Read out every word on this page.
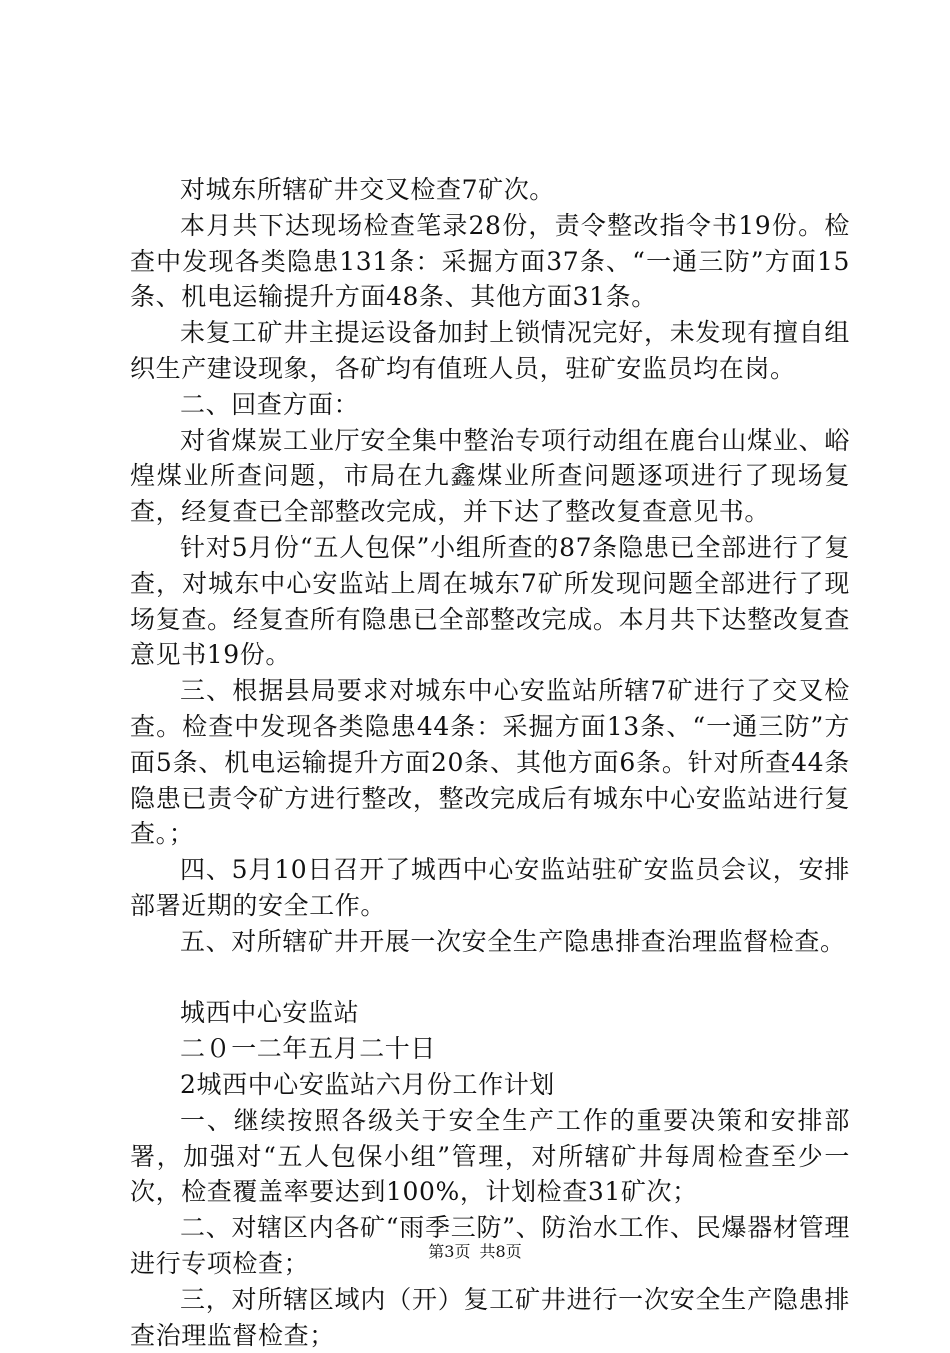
对城东所辖矿井交叉检查7矿次。

本月共下达现场检查笔录28份，责令整改指令书19份。检查中发现各类隐患131条：采掘方面37条、“一通三防”方面15条、机电运输提升方面48条、其他方面31条。

未复工矿井主提运设备加封上锁情况完好，未发现有擅自组织生产建设现象，各矿均有值班人员，驻矿安监员均在岗。

二、回查方面：

对省煤炭工业厅安全集中整治专项行动组在鹿台山煤业、峪煌煤业所查问题，市局在九鑫煤业所查问题逐项进行了现场复查，经复查已全部整改完成，并下达了整改复查意见书。

针对5月份“五人包保”小组所查的87条隐患已全部进行了复查，对城东中心安监站上周在城东7矿所发现问题全部进行了现场复查。经复查所有隐患已全部整改完成。本月共下达整改复查意见书19份。

三、根据县局要求对城东中心安监站所辖7矿进行了交叉检查。检查中发现各类隐患44条：采掘方面13条、“一通三防”方面5条、机电运输提升方面20条、其他方面6条。针对所查44条隐患已责令矿方进行整改，整改完成后有城东中心安监站进行复查。；

四、5月10日召开了城西中心安监站驻矿安监员会议，安排部署近期的安全工作。

五、对所辖矿井开展一次安全生产隐患排查治理监督检查。

城西中心安监站

二０一二年五月二十日

2城西中心安监站六月份工作计划

一、继续按照各级关于安全生产工作的重要决策和安排部署，加强对“五人包保小组”管理，对所辖矿井每周检查至少一次，检查覆盖率要达到100%，计划检查31矿次；

二、对辖区内各矿“雨季三防”、防治水工作、民爆器材管理进行专项检查；

三，对所辖区域内（开）复工矿井进行一次安全生产隐患排查治理监督检查；

第3页 共8页
